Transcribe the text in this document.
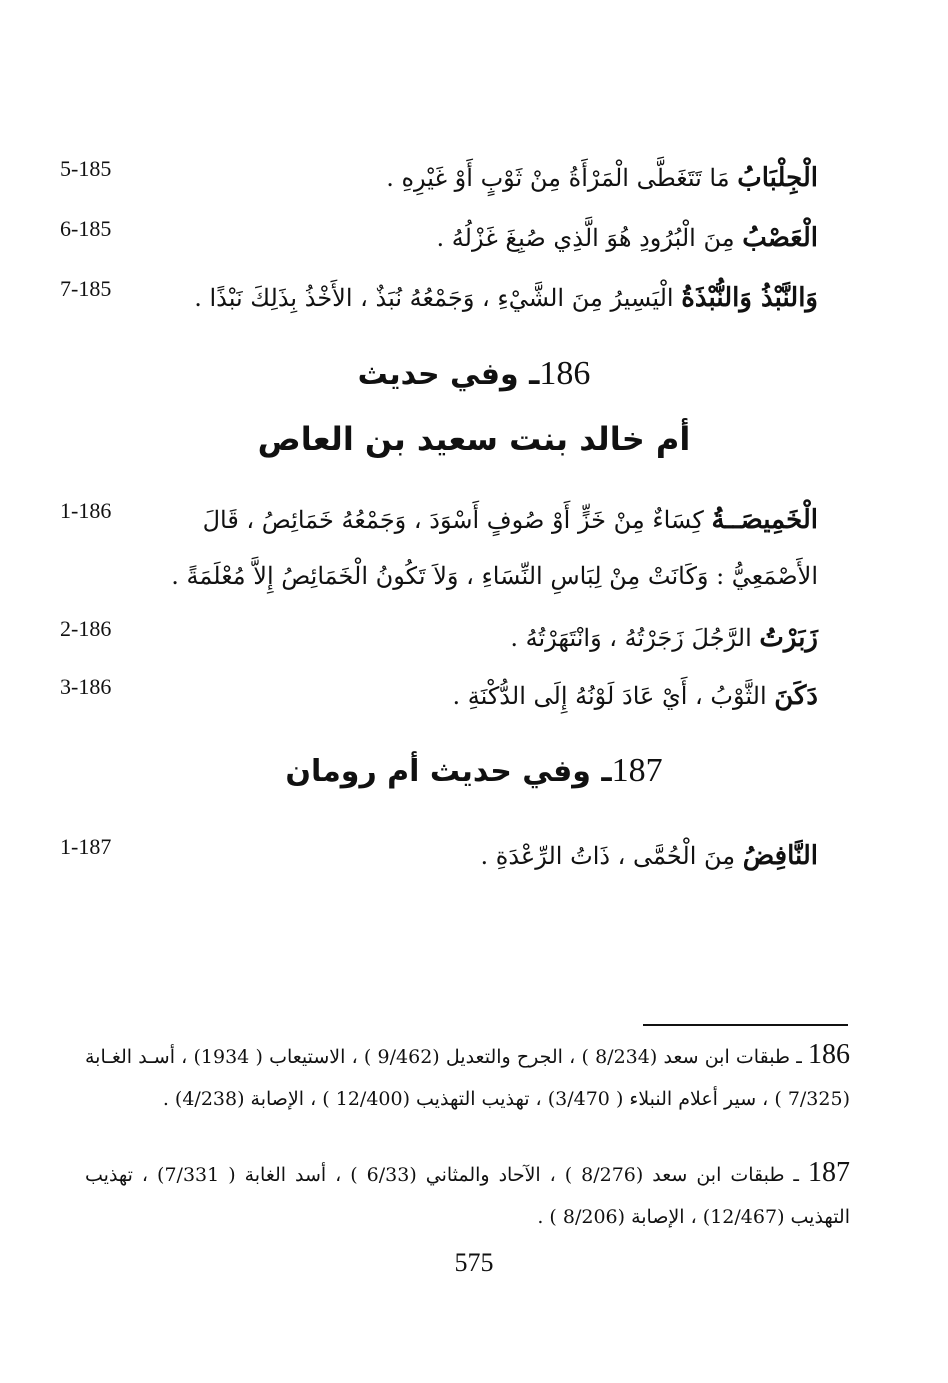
5-185	الْجِلْبَابُ مَا تَتَغَطَّى الْمَرْأَةُ مِنْ ثَوْبٍ أَوْ غَيْرِهِ .
6-185	الْعَصْبُ مِنَ الْبُرُودِ هُوَ الَّذِي صُبِغَ غَزْلُهُ .
7-185	وَالنَّبْذُ وَالنُّبْذَةُ الْيَسِيرُ مِنَ الشَّيْءِ ، وَجَمْعُهُ نُبَذٌ ، الأَخْذُ بِذَلِكَ نَبْذًا .
186ـ وفي حديث
أم خالد بنت سعيد بن العاص
1-186	الْخَمِيصَــةُ كِسَاءٌ مِنْ خَزٍّ أَوْ صُوفٍ أَسْوَدَ ، وَجَمْعُهُ خَمَائِصُ ، قَالَ الأَصْمَعِيُّ : وَكَانَتْ مِنْ لِبَاسِ النِّسَاءِ ، وَلاَ تَكُونُ الْخَمَائِصُ إِلاَّ مُعْلَمَةً .
2-186	زَبَرْتُ الرَّجُلَ زَجَرْتُهُ ، وَانْتَهَرْتُهُ .
3-186	دَكَنَ الثَّوْبُ ، أَيْ عَادَ لَوْنُهُ إِلَى الدُّكْنَةِ .
187ـ وفي حديث أم رومان
1-187	النَّافِضُ مِنَ الْحُمَّى ، ذَاتُ الرِّعْدَةِ .
186 ـ طبقات ابن سعد (8/234 ) ، الجرح والتعديل (9/462 ) ، الاستيعاب ( 1934) ، أسـد الغـابة (7/325 ) ، سير أعلام النبلاء ( 3/470) ، تهذيب التهذيب (12/400 ) ، الإصابة (4/238) .
187 ـ طبقات ابن سعد (8/276 ) ، الآحاد والمثاني (6/33 ) ، أسد الغابة ( 7/331) ، تهذيب التهذيب (12/467) ، الإصابة (8/206 ) .
575
